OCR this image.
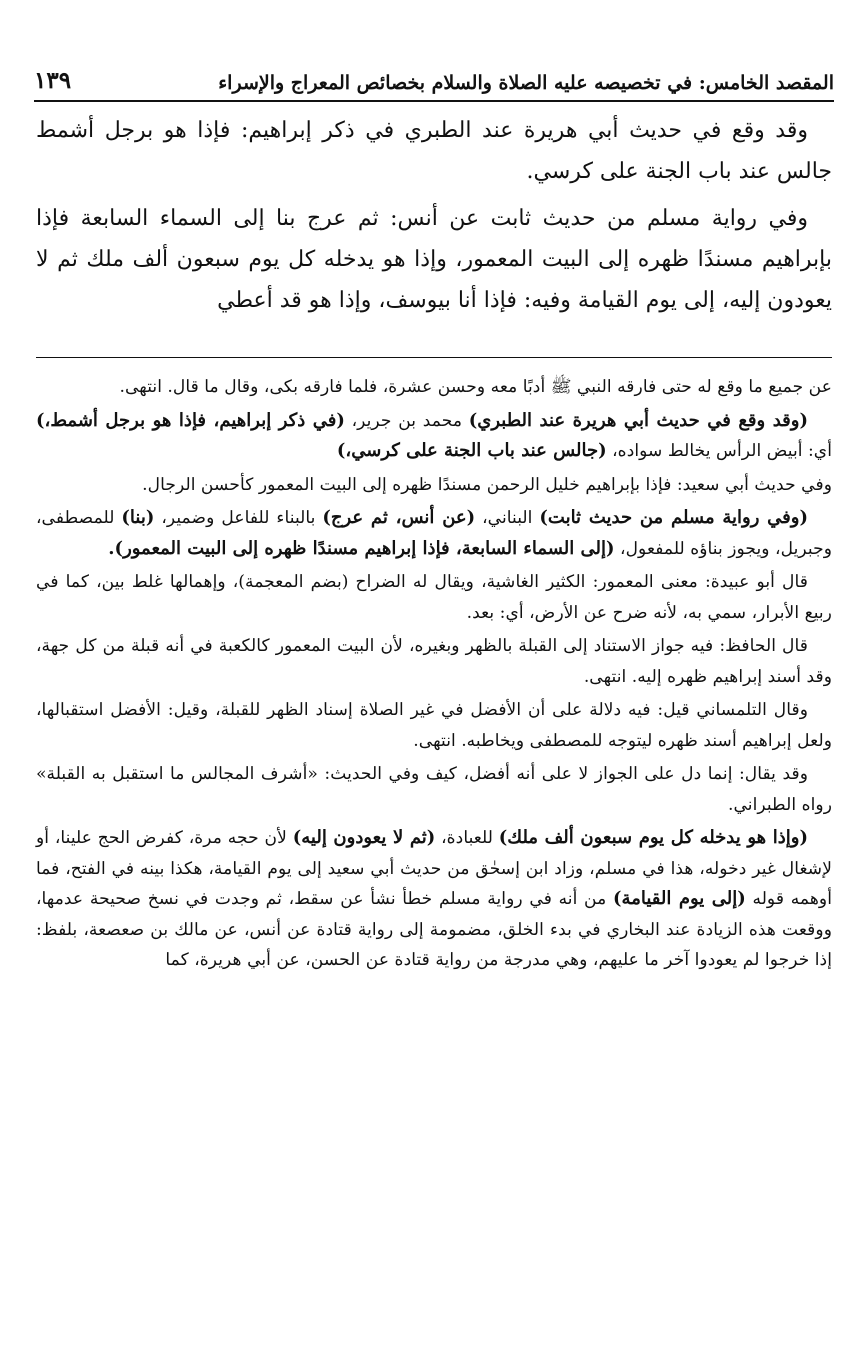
المقصد الخامس: في تخصيصه عليه الصلاة والسلام بخصائص المعراج والإسراء
١٣٩

وقد وقع في حديث أبي هريرة عند الطبري في ذكر إبراهيم: فإذا هو برجل أشمط جالس عند باب الجنة على كرسي.

وفي رواية مسلم من حديث ثابت عن أنس: ثم عرج بنا إلى السماء السابعة فإذا بإبراهيم مسندًا ظهره إلى البيت المعمور، وإذا هو يدخله كل يوم سبعون ألف ملك ثم لا يعودون إليه، إلى يوم القيامة وفيه: فإذا أنا بيوسف، وإذا هو قد أعطي

عن جميع ما وقع له حتى فارقه النبي ﷺ أدبًا معه وحسن عشرة، فلما فارقه بكى، وقال ما قال. انتهى.

(وقد وقع في حديث أبي هريرة عند الطبري) محمد بن جرير، (في ذكر إبراهيم، فإذا هو برجل أشمط،) أي: أبيض الرأس يخالط سواده، (جالس عند باب الجنة على كرسي،)

وفي حديث أبي سعيد: فإذا بإبراهيم خليل الرحمن مسندًا ظهره إلى البيت المعمور كأحسن الرجال.

(وفي رواية مسلم من حديث ثابت) البناني، (عن أنس، ثم عرج) بالبناء للفاعل وضمير، (بنا) للمصطفى، وجبريل، ويجوز بناؤه للمفعول، (إلى السماء السابعة، فإذا إبراهيم مسندًا ظهره إلى البيت المعمور).

قال أبو عبيدة: معنى المعمور: الكثير الغاشية، ويقال له الضراح (بضم المعجمة)، وإهمالها غلط بين، كما في ربيع الأبرار، سمي به، لأنه ضرح عن الأرض، أي: بعد.

قال الحافظ: فيه جواز الاستناد إلى القبلة بالظهر وبغيره، لأن البيت المعمور كالكعبة في أنه قبلة من كل جهة، وقد أسند إبراهيم ظهره إليه. انتهى.

وقال التلمساني قيل: فيه دلالة على أن الأفضل في غير الصلاة إسناد الظهر للقبلة، وقيل: الأفضل استقبالها، ولعل إبراهيم أسند ظهره ليتوجه للمصطفى ويخاطبه. انتهى.

وقد يقال: إنما دل على الجواز لا على أنه أفضل، كيف وفي الحديث: «أشرف المجالس ما استقبل به القبلة» رواه الطبراني.

(وإذا هو يدخله كل يوم سبعون ألف ملك) للعبادة، (ثم لا يعودون إليه) لأن حجه مرة، كفرض الحج علينا، أو لإشغال غير دخوله، هذا في مسلم، وزاد ابن إسحٰق من حديث أبي سعيد إلى يوم القيامة، هكذا بينه في الفتح، فما أوهمه قوله (إلى يوم القيامة) من أنه في رواية مسلم خطأ نشأ عن سقط، ثم وجدت في نسخ صحيحة عدمها، ووقعت هذه الزيادة عند البخاري في بدء الخلق، مضمومة إلى رواية قتادة عن أنس، عن مالك بن صعصعة، بلفظ: إذا خرجوا لم يعودوا آخر ما عليهم، وهي مدرجة من رواية قتادة عن الحسن، عن أبي هريرة، كما
